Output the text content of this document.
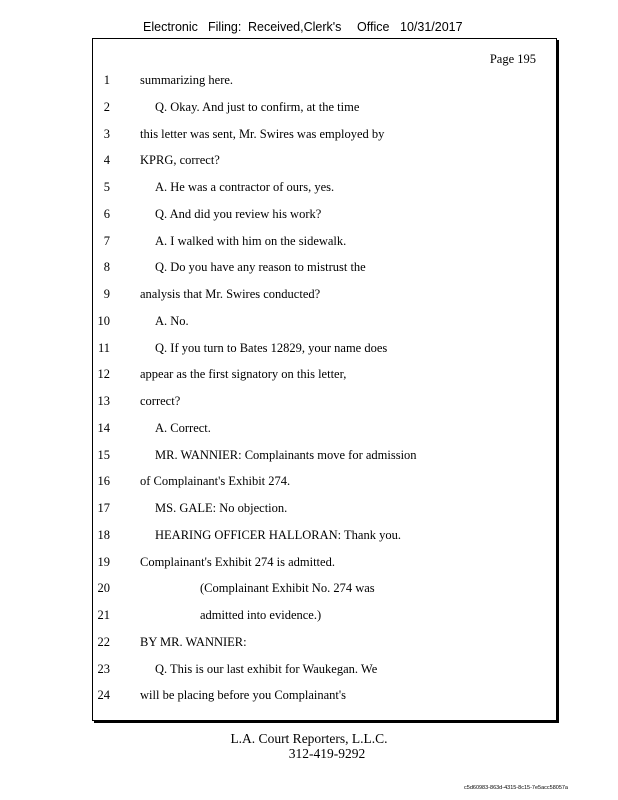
Electronic Filing: Received,Clerk's Office 10/31/2017
Page 195
1 summarizing here.
2	Q. Okay. And just to confirm, at the time
3 this letter was sent, Mr. Swires was employed by
4 KPRG, correct?
5	A. He was a contractor of ours, yes.
6	Q. And did you review his work?
7	A. I walked with him on the sidewalk.
8	Q. Do you have any reason to mistrust the
9 analysis that Mr. Swires conducted?
10	A. No.
11	Q. If you turn to Bates 12829, your name does
12 appear as the first signatory on this letter,
13 correct?
14	A. Correct.
15	MR. WANNIER: Complainants move for admission
16 of Complainant's Exhibit 274.
17	MS. GALE: No objection.
18	HEARING OFFICER HALLORAN: Thank you.
19 Complainant's Exhibit 274 is admitted.
20	(Complainant Exhibit No. 274 was
21	admitted into evidence.)
22 BY MR. WANNIER:
23	Q. This is our last exhibit for Waukegan. We
24 will be placing before you Complainant's
L.A. Court Reporters, L.L.C.
312-419-9292
c5d60983-863d-4315-8c15-7e5acc58057a
